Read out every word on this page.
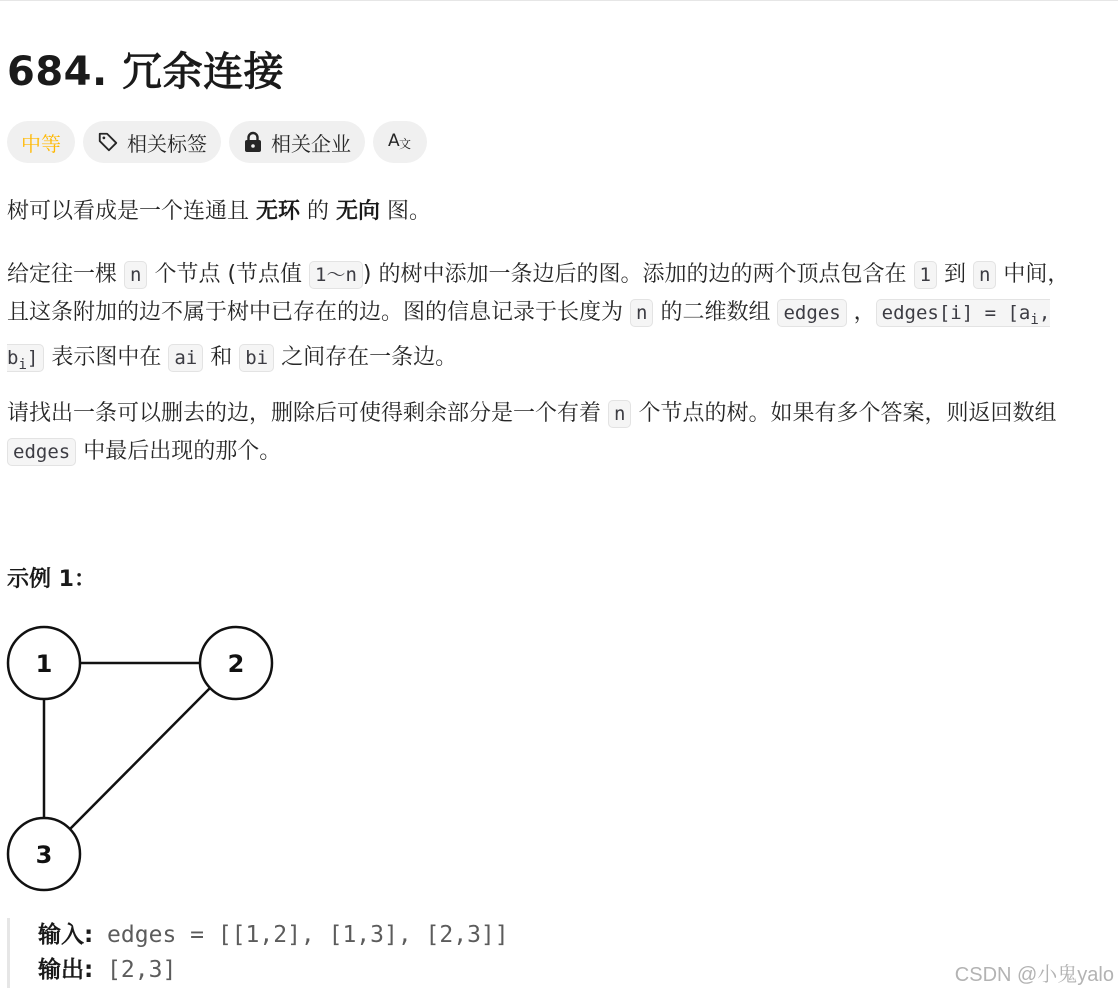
684. 冗余连接
中等	相关标签	相关企业 A 文
树可以看成是一个连通且 无环 的 无向 图。
给定往一棵 n 个节点 (节点值 1～n ) 的树中添加一条边后的图。添加的边的两个顶点包含在 1 到 n 中间，且这条附加的边不属于树中已存在的边。图的信息记录于长度为 n 的二维数组 edges ， edges[i] = [$a_i$, $b_i$] 表示图中在 ai 和 bi 之间存在一条边。
请找出一条可以删去的边，删除后可使得剩余部分是一个有着 n 个节点的树。如果有多个答案，则返回数组 edges 中最后出现的那个。
示例 1：
1	2
3
输入: edges = [[1,2], [1,3], [2,3]]
输出: [2,3]	CSDN @小鬼yalo
